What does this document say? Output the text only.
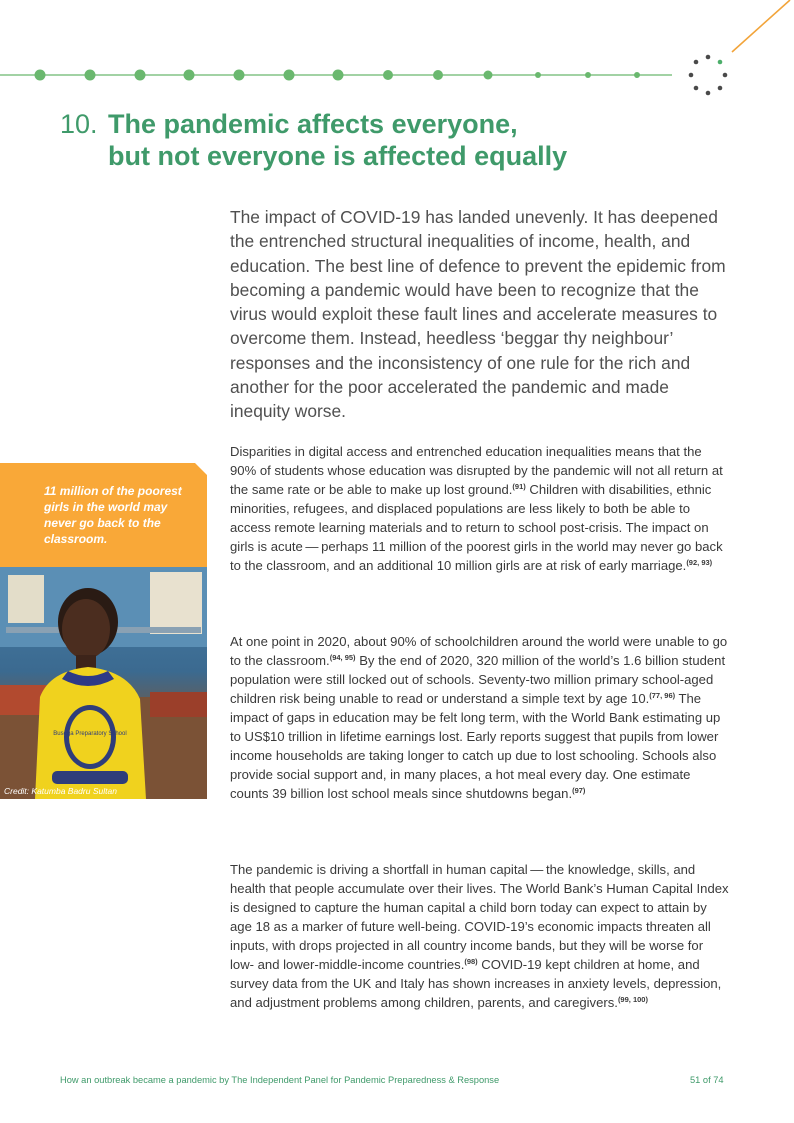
10. The pandemic affects everyone,
but not everyone is affected equally

The impact of COVID-19 has landed unevenly. It has deepened the entrenched structural inequalities of income, health, and education. The best line of defence to prevent the epidemic from becoming a pandemic would have been to recognize that the virus would exploit these fault lines and accelerate measures to overcome them. Instead, heedless ‘beggar thy neighbour’ responses and the inconsistency of one rule for the rich and another for the poor accelerated the pandemic and made inequity worse.

11 million of the poorest girls in the world may never go back to the classroom.

Busega Preparatory School

Credit: Katumba Badru Sultan

Disparities in digital access and entrenched education inequalities means that the 90% of students whose education was disrupted by the pandemic will not all return at the same rate or be able to make up lost ground.$^{(91)}$ Children with disabilities, ethnic minorities, refugees, and displaced populations are less likely to both be able to access remote learning materials and to return to school post-crisis. The impact on girls is acute — perhaps 11 million of the poorest girls in the world may never go back to the classroom, and an additional 10 million girls are at risk of early marriage.$^{(92, 93)}$

At one point in 2020, about 90% of schoolchildren around the world were unable to go to the classroom.$^{(94, 95)}$ By the end of 2020, 320 million of the world’s 1.6 billion student population were still locked out of schools. Seventy-two million primary school-aged children risk being unable to read or understand a simple text by age 10.$^{(77, 96)}$ The impact of gaps in education may be felt long term, with the World Bank estimating up to US$10 trillion in lifetime earnings lost. Early reports suggest that pupils from lower income households are taking longer to catch up due to lost schooling. Schools also provide social support and, in many places, a hot meal every day. One estimate counts 39 billion lost school meals since shutdowns began.$^{(97)}$

The pandemic is driving a shortfall in human capital — the knowledge, skills, and health that people accumulate over their lives. The World Bank’s Human Capital Index is designed to capture the human capital a child born today can expect to attain by age 18 as a marker of future well-being. COVID-19’s economic impacts threaten all inputs, with drops projected in all country income bands, but they will be worse for low- and lower-middle-income countries.$^{(98)}$ COVID-19 kept children at home, and survey data from the UK and Italy has shown increases in anxiety levels, depression, and adjustment problems among children, parents, and caregivers.$^{(99, 100)}$

How an outbreak became a pandemic by The Independent Panel for Pandemic Preparedness & Response	51 of 74
